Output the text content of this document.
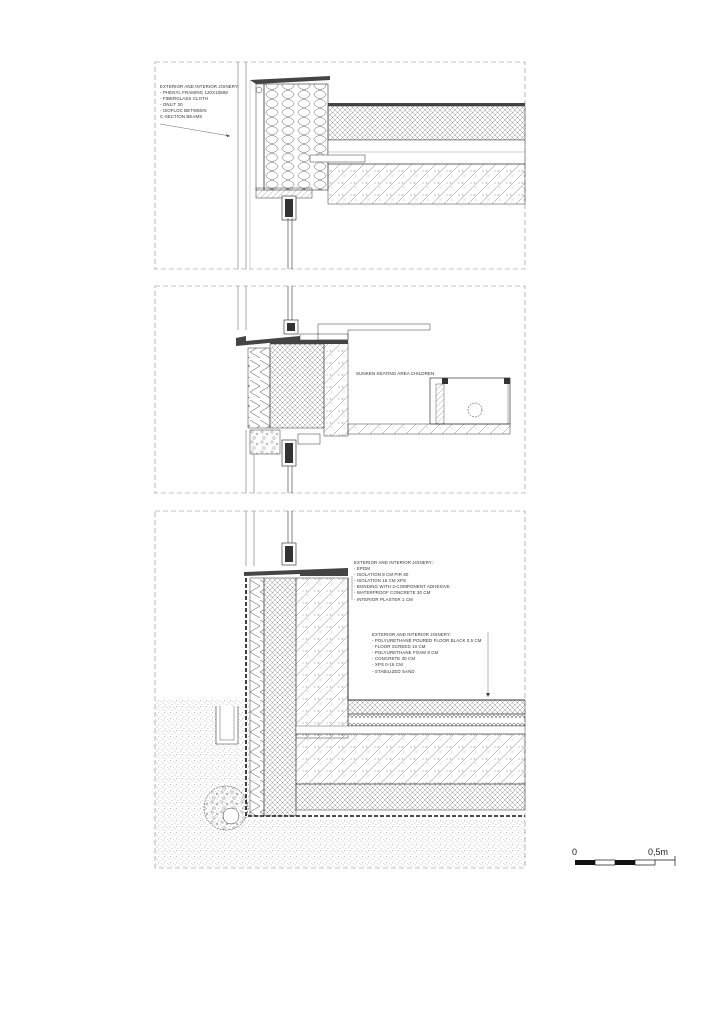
EXTERIOR AND INTERIOR JOINERY:
- PHENYL FRAMING 120X10MM
- FIBERGLASS CLOTH
- ONLIT 30
- ISOFLOC BETWEEN
C-SECTION BEAMS
SUNKEN SEATING AREA CHILDREN
EXTERIOR AND INTERIOR JOINERY:
- EPDM
- ISOLATION 8 CM PIR 80
- ISOLATION 16 CM XPS
- BONDING WITH 2-COMPONENT ADHESIVE
- WATERPROOF CONCRETE 30 CM
- INTERIOR PLASTER 1 CM
EXTERIOR AND INTERIOR JOINERY:
- POLYURETHANE POURED FLOOR BLACK 0,5 CM
- FLOOR SCREED 10 CM
- POLYURETHANE FOAM 8 CM
- CONCRETE 30 CM
- XPS 0-16 CM
- STABILIZED SAND
0	0,5m
